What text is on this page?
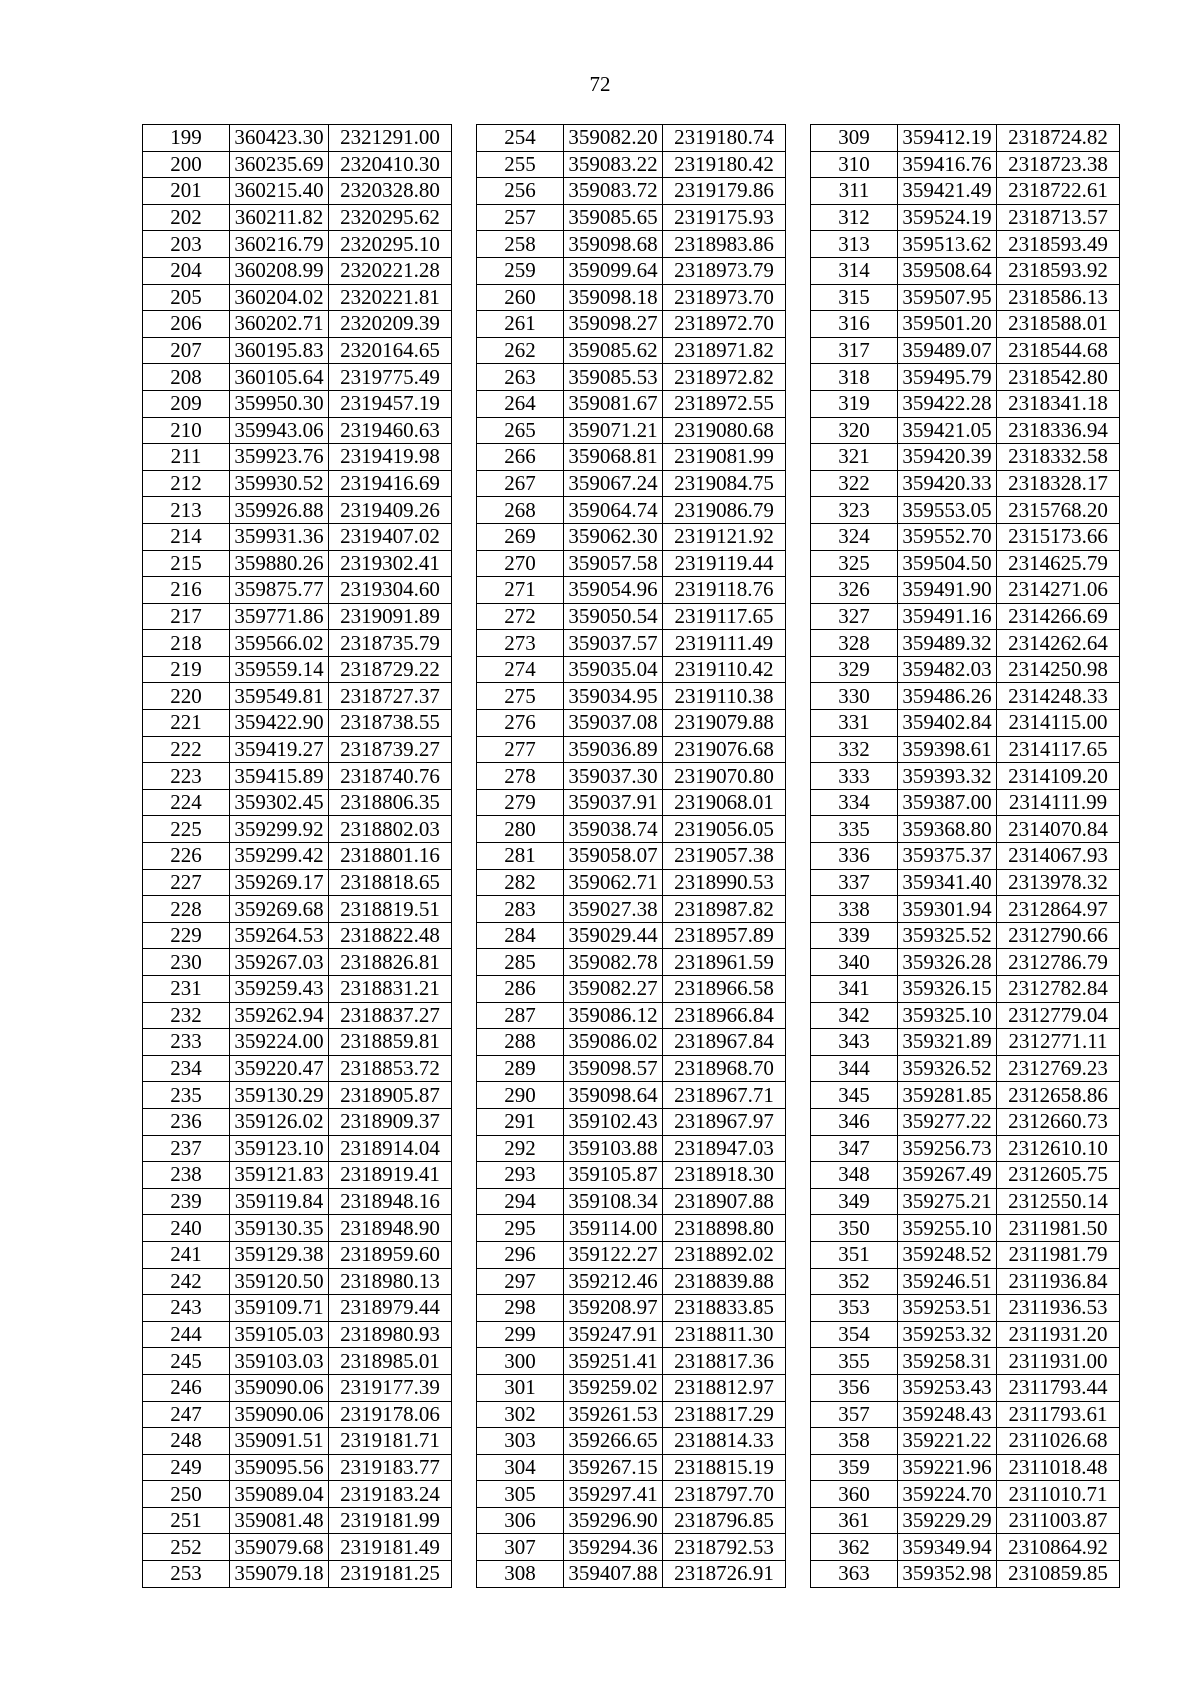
72
199	360423.30	2321291.00
200	360235.69	2320410.30
201	360215.40	2320328.80
202	360211.82	2320295.62
203	360216.79	2320295.10
204	360208.99	2320221.28
205	360204.02	2320221.81
206	360202.71	2320209.39
207	360195.83	2320164.65
208	360105.64	2319775.49
209	359950.30	2319457.19
210	359943.06	2319460.63
211	359923.76	2319419.98
212	359930.52	2319416.69
213	359926.88	2319409.26
214	359931.36	2319407.02
215	359880.26	2319302.41
216	359875.77	2319304.60
217	359771.86	2319091.89
218	359566.02	2318735.79
219	359559.14	2318729.22
220	359549.81	2318727.37
221	359422.90	2318738.55
222	359419.27	2318739.27
223	359415.89	2318740.76
224	359302.45	2318806.35
225	359299.92	2318802.03
226	359299.42	2318801.16
227	359269.17	2318818.65
228	359269.68	2318819.51
229	359264.53	2318822.48
230	359267.03	2318826.81
231	359259.43	2318831.21
232	359262.94	2318837.27
233	359224.00	2318859.81
234	359220.47	2318853.72
235	359130.29	2318905.87
236	359126.02	2318909.37
237	359123.10	2318914.04
238	359121.83	2318919.41
239	359119.84	2318948.16
240	359130.35	2318948.90
241	359129.38	2318959.60
242	359120.50	2318980.13
243	359109.71	2318979.44
244	359105.03	2318980.93
245	359103.03	2318985.01
246	359090.06	2319177.39
247	359090.06	2319178.06
248	359091.51	2319181.71
249	359095.56	2319183.77
250	359089.04	2319183.24
251	359081.48	2319181.99
252	359079.68	2319181.49
253	359079.18	2319181.25
254	359082.20	2319180.74
255	359083.22	2319180.42
256	359083.72	2319179.86
257	359085.65	2319175.93
258	359098.68	2318983.86
259	359099.64	2318973.79
260	359098.18	2318973.70
261	359098.27	2318972.70
262	359085.62	2318971.82
263	359085.53	2318972.82
264	359081.67	2318972.55
265	359071.21	2319080.68
266	359068.81	2319081.99
267	359067.24	2319084.75
268	359064.74	2319086.79
269	359062.30	2319121.92
270	359057.58	2319119.44
271	359054.96	2319118.76
272	359050.54	2319117.65
273	359037.57	2319111.49
274	359035.04	2319110.42
275	359034.95	2319110.38
276	359037.08	2319079.88
277	359036.89	2319076.68
278	359037.30	2319070.80
279	359037.91	2319068.01
280	359038.74	2319056.05
281	359058.07	2319057.38
282	359062.71	2318990.53
283	359027.38	2318987.82
284	359029.44	2318957.89
285	359082.78	2318961.59
286	359082.27	2318966.58
287	359086.12	2318966.84
288	359086.02	2318967.84
289	359098.57	2318968.70
290	359098.64	2318967.71
291	359102.43	2318967.97
292	359103.88	2318947.03
293	359105.87	2318918.30
294	359108.34	2318907.88
295	359114.00	2318898.80
296	359122.27	2318892.02
297	359212.46	2318839.88
298	359208.97	2318833.85
299	359247.91	2318811.30
300	359251.41	2318817.36
301	359259.02	2318812.97
302	359261.53	2318817.29
303	359266.65	2318814.33
304	359267.15	2318815.19
305	359297.41	2318797.70
306	359296.90	2318796.85
307	359294.36	2318792.53
308	359407.88	2318726.91
309	359412.19	2318724.82
310	359416.76	2318723.38
311	359421.49	2318722.61
312	359524.19	2318713.57
313	359513.62	2318593.49
314	359508.64	2318593.92
315	359507.95	2318586.13
316	359501.20	2318588.01
317	359489.07	2318544.68
318	359495.79	2318542.80
319	359422.28	2318341.18
320	359421.05	2318336.94
321	359420.39	2318332.58
322	359420.33	2318328.17
323	359553.05	2315768.20
324	359552.70	2315173.66
325	359504.50	2314625.79
326	359491.90	2314271.06
327	359491.16	2314266.69
328	359489.32	2314262.64
329	359482.03	2314250.98
330	359486.26	2314248.33
331	359402.84	2314115.00
332	359398.61	2314117.65
333	359393.32	2314109.20
334	359387.00	2314111.99
335	359368.80	2314070.84
336	359375.37	2314067.93
337	359341.40	2313978.32
338	359301.94	2312864.97
339	359325.52	2312790.66
340	359326.28	2312786.79
341	359326.15	2312782.84
342	359325.10	2312779.04
343	359321.89	2312771.11
344	359326.52	2312769.23
345	359281.85	2312658.86
346	359277.22	2312660.73
347	359256.73	2312610.10
348	359267.49	2312605.75
349	359275.21	2312550.14
350	359255.10	2311981.50
351	359248.52	2311981.79
352	359246.51	2311936.84
353	359253.51	2311936.53
354	359253.32	2311931.20
355	359258.31	2311931.00
356	359253.43	2311793.44
357	359248.43	2311793.61
358	359221.22	2311026.68
359	359221.96	2311018.48
360	359224.70	2311010.71
361	359229.29	2311003.87
362	359349.94	2310864.92
363	359352.98	2310859.85
